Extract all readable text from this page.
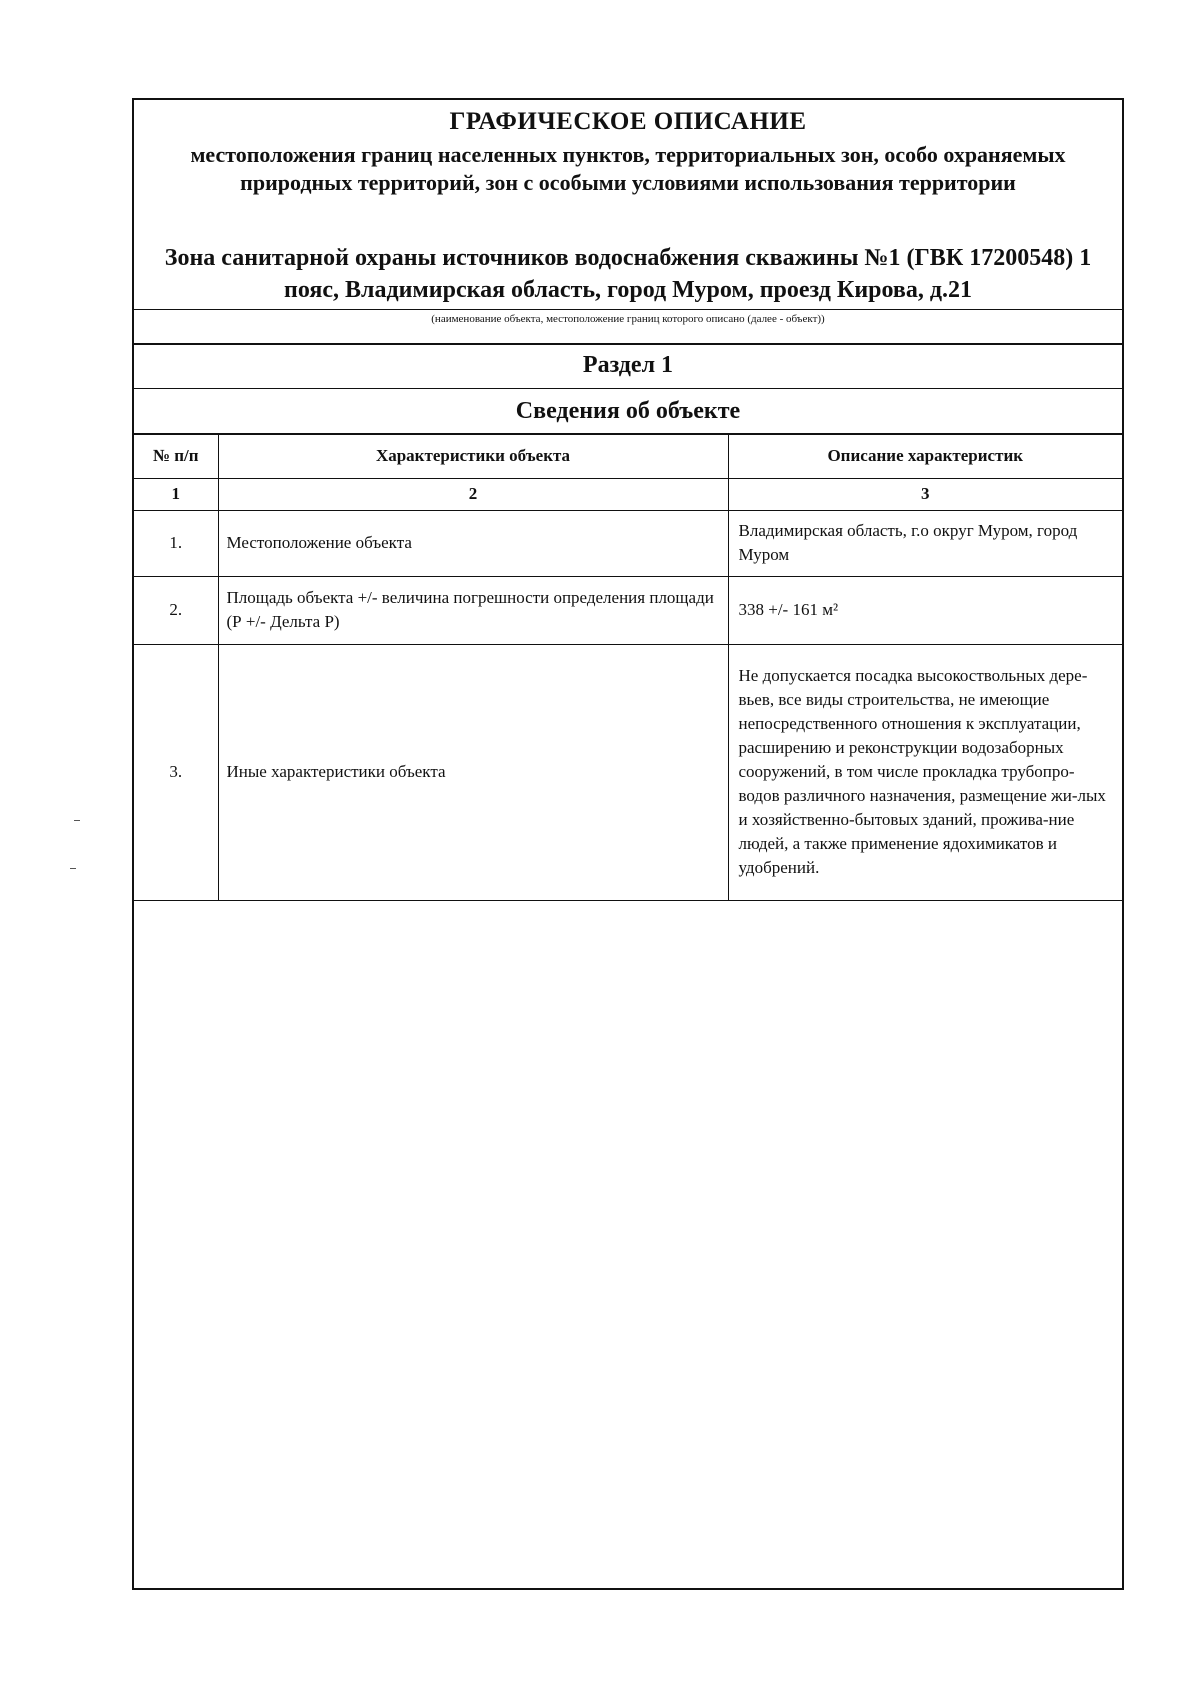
ГРАФИЧЕСКОЕ ОПИСАНИЕ
местоположения границ населенных пунктов, территориальных зон, особо охраняемых природных территорий, зон с особыми условиями использования территории
Зона санитарной охраны источников водоснабжения скважины №1 (ГВК 17200548) 1 пояс, Владимирская область, город Муром, проезд Кирова, д.21
(наименование объекта, местоположение границ которого описано (далее - объект))
Раздел 1
Сведения об объекте
№ п/п	Характеристики объекта	Описание характеристик
1	2	3
1.	Местоположение объекта	Владимирская область, г.о округ Муром, город Муром
2.	Площадь объекта +/- величина погрешности определения площади (Р +/- Дельта Р)	338 +/- 161 м²
3.	Иные характеристики объекта	Не допускается посадка высокоствольных дере-вьев, все виды строительства, не имеющие непосредственного отношения к эксплуатации, расширению и реконструкции водозаборных сооружений, в том числе прокладка трубопро-водов различного назначения, размещение жи-лых и хозяйственно-бытовых зданий, прожива-ние людей, а также применение ядохимикатов и удобрений.
